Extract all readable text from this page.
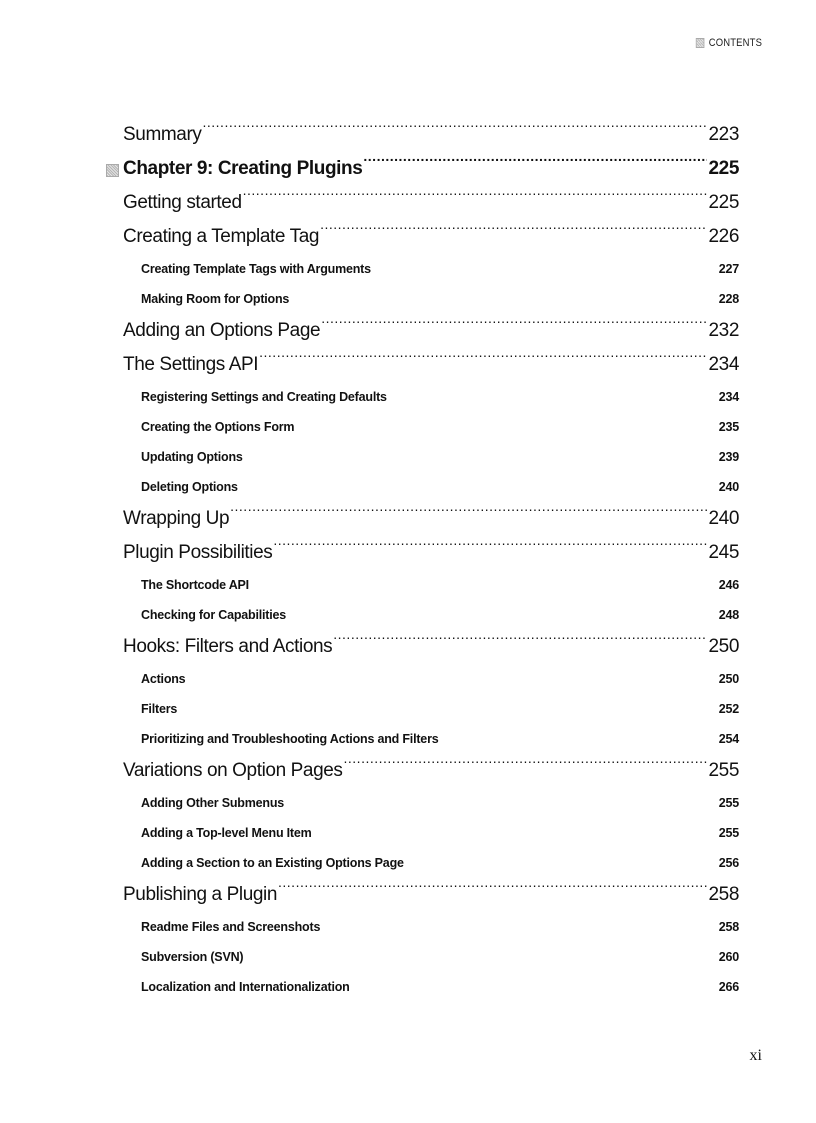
CONTENTS
Summary .....	223
Chapter 9: Creating Plugins .....	225
Getting started .....	225
Creating a Template Tag .....	226
Creating Template Tags with Arguments .....	227
Making Room for Options .....	228
Adding an Options Page .....	232
The Settings API .....	234
Registering Settings and Creating Defaults .....	234
Creating the Options Form .....	235
Updating Options .....	239
Deleting Options .....	240
Wrapping Up .....	240
Plugin Possibilities .....	245
The Shortcode API .....	246
Checking for Capabilities .....	248
Hooks: Filters and Actions .....	250
Actions .....	250
Filters .....	252
Prioritizing and Troubleshooting Actions and Filters .....	254
Variations on Option Pages .....	255
Adding Other Submenus .....	255
Adding a Top-level Menu Item .....	255
Adding a Section to an Existing Options Page .....	256
Publishing a Plugin .....	258
Readme Files and Screenshots .....	258
Subversion (SVN) .....	260
Localization and Internationalization .....	266
xi
